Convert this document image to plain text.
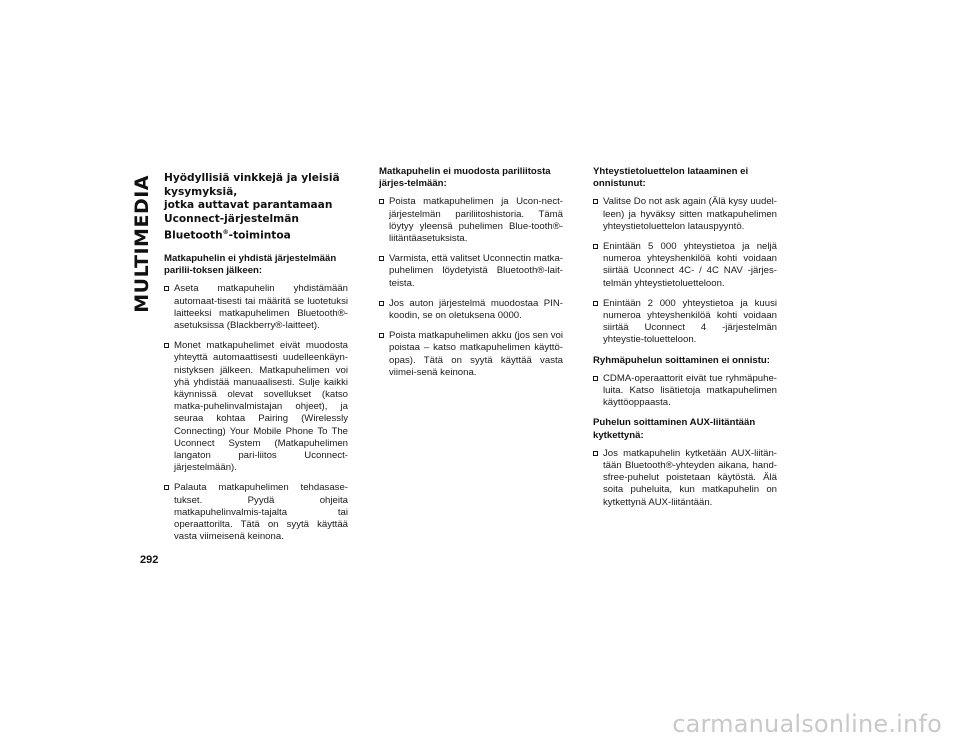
MULTIMEDIA
292
Hyödyllisiä vinkkejä ja yleisiä kysymyksiä,
jotka auttavat parantamaan
Uconnect-järjestelmän
Bluetooth®-toimintoa
Matkapuhelin ei yhdistä järjestelmään parilii-toksen jälkeen:
Aseta matkapuhelin yhdistämään automaat-tisesti tai määritä se luotetuksi laitteeksi matkapuhelimen Bluetooth®-asetuksissa (Blackberry®-laitteet).
Monet matkapuhelimet eivät muodosta yhteyttä automaattisesti uudelleenkäyn-nistyksen jälkeen. Matkapuhelimen voi yhä yhdistää manuaalisesti. Sulje kaikki käynnissä olevat sovellukset (katso matka-puhelinvalmistajan ohjeet), ja seuraa kohtaa Pairing (Wirelessly Connecting) Your Mobile Phone To The Uconnect System (Matkapuhelimen langaton pari-liitos Uconnect-järjestelmään).
Palauta matkapuhelimen tehdasase-tukset. Pyydä ohjeita matkapuhelinvalmis-tajalta tai operaattorilta. Tätä on syytä käyttää vasta viimeisenä keinona.
Matkapuhelin ei muodosta pariliitosta järjes-telmään:
Poista matkapuhelimen ja Ucon-nect-järjestelmän pariliitoshistoria. Tämä löytyy yleensä puhelimen Blue-tooth®-liitäntäasetuksista.
Varmista, että valitset Uconnectin matka-puhelimen löydetyistä Bluetooth®-lait-teista.
Jos auton järjestelmä muodostaa PIN-koodin, se on oletuksena 0000.
Poista matkapuhelimen akku (jos sen voi poistaa – katso matkapuhelimen käyttö-opas). Tätä on syytä käyttää vasta viimei-senä keinona.
Yhteystietoluettelon lataaminen ei onnistunut:
Valitse Do not ask again (Älä kysy uudel-leen) ja hyväksy sitten matkapuhelimen yhteystietoluettelon latauspyyntö.
Enintään 5 000 yhteystietoa ja neljä numeroa yhteyshenkilöä kohti voidaan siirtää Uconnect 4C- / 4C NAV -järjes-telmän yhteystietoluetteloon.
Enintään 2 000 yhteystietoa ja kuusi numeroa yhteyshenkilöä kohti voidaan siirtää Uconnect 4 -järjestelmän yhteystie-toluetteloon.
Ryhmäpuhelun soittaminen ei onnistu:
CDMA-operaattorit eivät tue ryhmäpuhe-luita. Katso lisätietoja matkapuhelimen käyttöoppaasta.
Puhelun soittaminen AUX-liitäntään kytkettynä:
Jos matkapuhelin kytketään AUX-liitän-tään Bluetooth®-yhteyden aikana, hand-sfree-puhelut poistetaan käytöstä. Älä soita puheluita, kun matkapuhelin on kytkettynä AUX-liitäntään.
carmanualsonline.info
